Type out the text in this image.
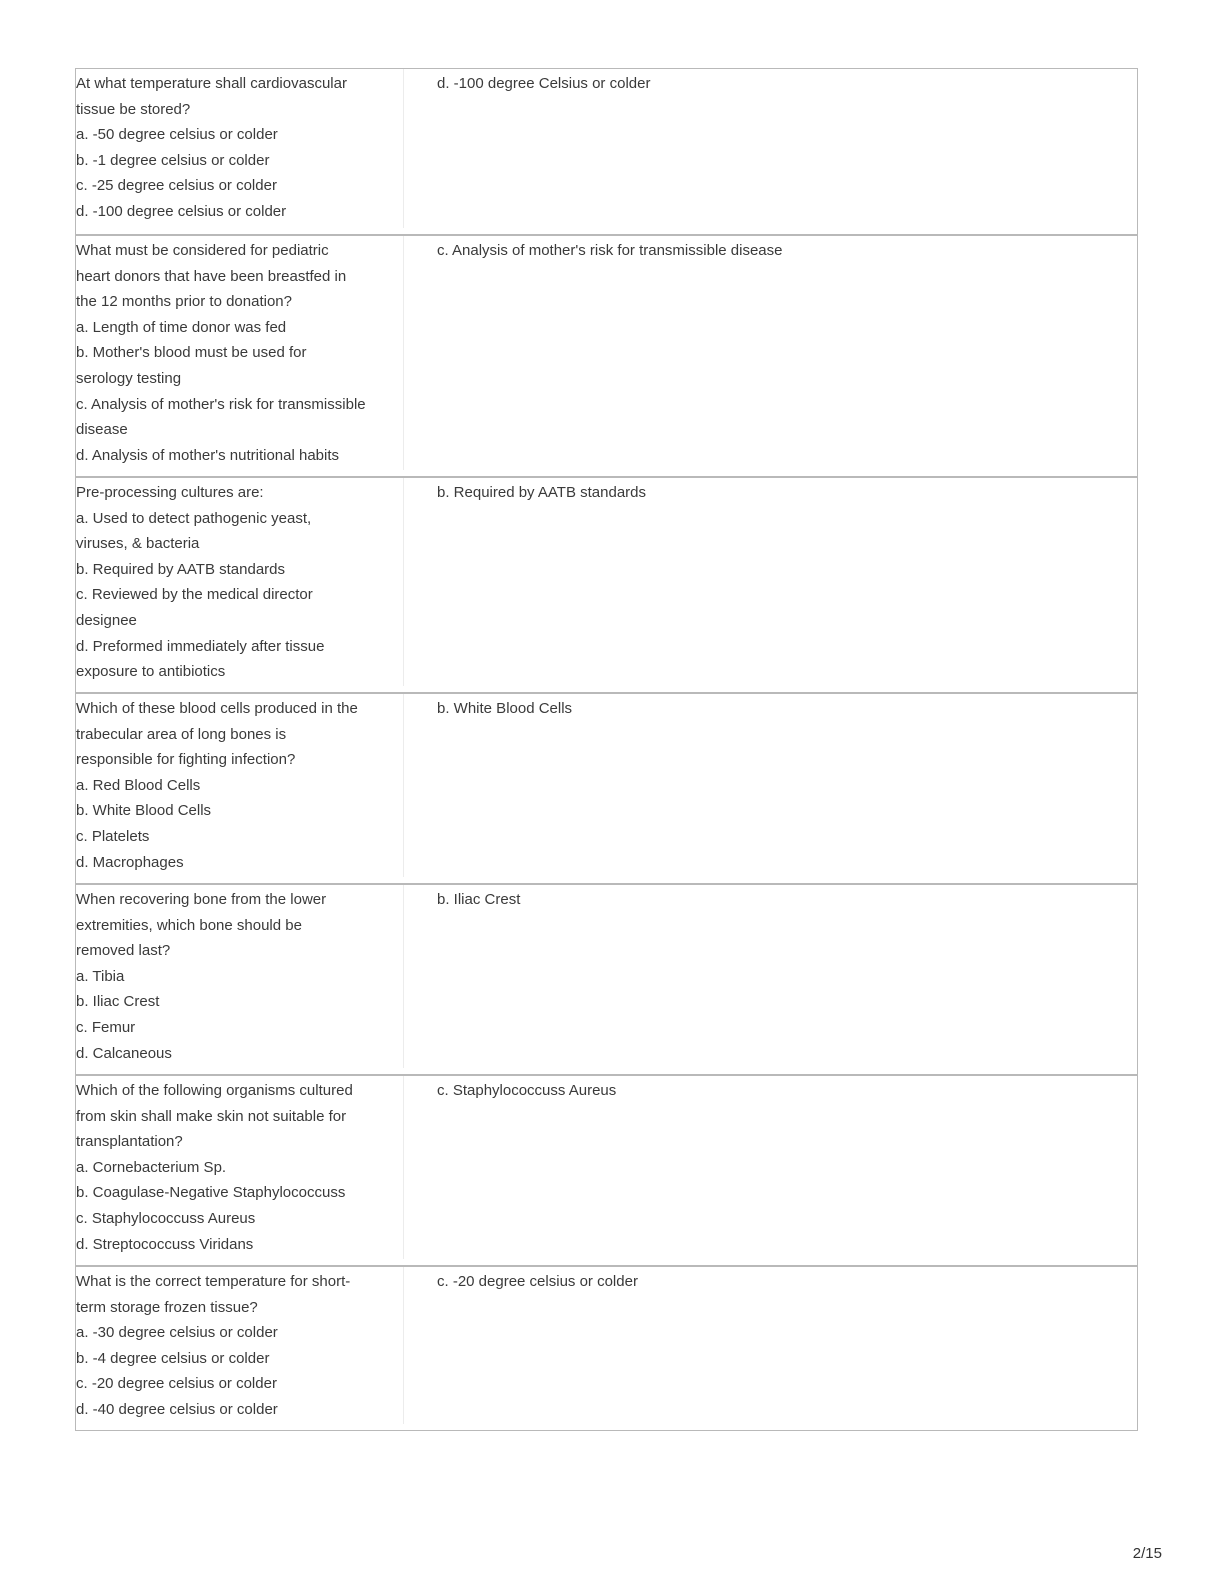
At what temperature shall cardiovascular
tissue be stored?
a. -50 degree celsius or colder
b. -1 degree celsius or colder
c. -25 degree celsius or colder
d. -100 degree celsius or colder
d. -100 degree Celsius or colder
What must be considered for pediatric
heart donors that have been breastfed in
the 12 months prior to donation?
a. Length of time donor was fed
b. Mother's blood must be used for
serology testing
c. Analysis of mother's risk for transmissible
disease
d. Analysis of mother's nutritional habits
c. Analysis of mother's risk for transmissible disease
Pre-processing cultures are:
a. Used to detect pathogenic yeast,
viruses, & bacteria
b. Required by AATB standards
c. Reviewed by the medical director
designee
d. Preformed immediately after tissue
exposure to antibiotics
b. Required by AATB standards
Which of these blood cells produced in the
trabecular area of long bones is
responsible for fighting infection?
a. Red Blood Cells
b. White Blood Cells
c. Platelets
d. Macrophages
b. White Blood Cells
When recovering bone from the lower
extremities, which bone should be
removed last?
a. Tibia
b. Iliac Crest
c. Femur
d. Calcaneous
b. Iliac Crest
Which of the following organisms cultured
from skin shall make skin not suitable for
transplantation?
a. Cornebacterium Sp.
b. Coagulase-Negative Staphylococcuss
c. Staphylococcuss Aureus
d. Streptococcuss Viridans
c. Staphylococcuss Aureus
What is the correct temperature for short-
term storage frozen tissue?
a. -30 degree celsius or colder
b. -4 degree celsius or colder
c. -20 degree celsius or colder
d. -40 degree celsius or colder
c. -20 degree celsius or colder
2/15
